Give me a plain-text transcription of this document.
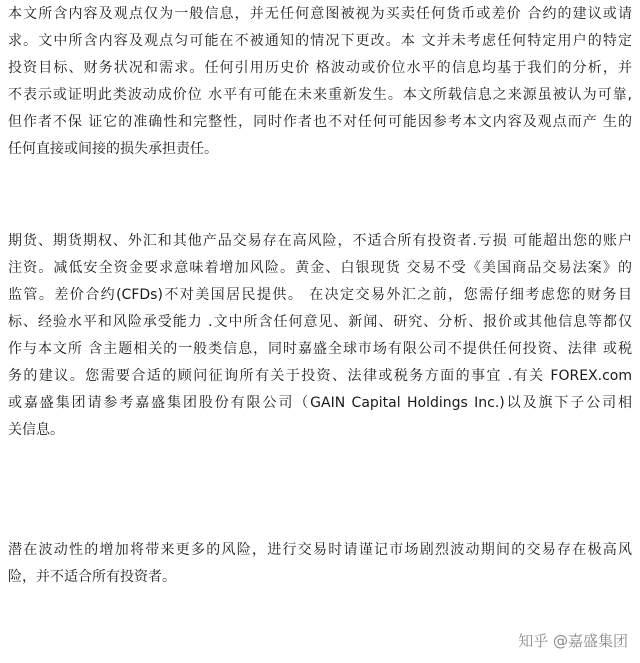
本文所含内容及观点仅为一般信息，并无任何意图被视为买卖任何货币或差价 合约的建议或请
求。文中所含内容及观点匀可能在不被通知的情况下更改。本 文并未考虑任何特定用户的特定
投资目标、财务状况和需求。任何引用历史价 格波动或价位水平的信息均基于我们的分析，并
不表示或证明此类波动成价位 水平有可能在未来重新发生。本文所载信息之来源虽被认为可靠,
但作者不保 证它的准确性和完整性，同时作者也不对任何可能因参考本文内容及观点而产 生的
任何直接或间接的损失承担责任。
期货、期货期权、外汇和其他产品交易存在高风险，不适合所有投资者.亏损 可能超出您的账户
注资。减低安全资金要求意味着增加风险。黄金、白银现货 交易不受《美国商品交易法案》的
监管。差价合约(CFDs)不对美国居民提供。 在决定交易外汇之前，您需仔细考虑您的财务目
标、经验水平和风险承受能力 .文中所含任何意见、新闻、研究、分析、报价或其他信息等都仅
作与本文所 含主题相关的一般类信息，同时嘉盛全球市场有限公司不提供任何投资、法律 或税
务的建议。您需要合适的顾问征询所有关于投资、法律或税务方面的事宜 .有关 FOREX.com
或嘉盛集团请参考嘉盛集团股份有限公司（GAIN Capital Holdings Inc.)以及旗下子公司相
关信息。
潜在波动性的增加将带来更多的风险，进行交易时请谨记市场剧烈波动期间的交易存在极高风
险，并不适合所有投资者。
知乎 @嘉盛集团
